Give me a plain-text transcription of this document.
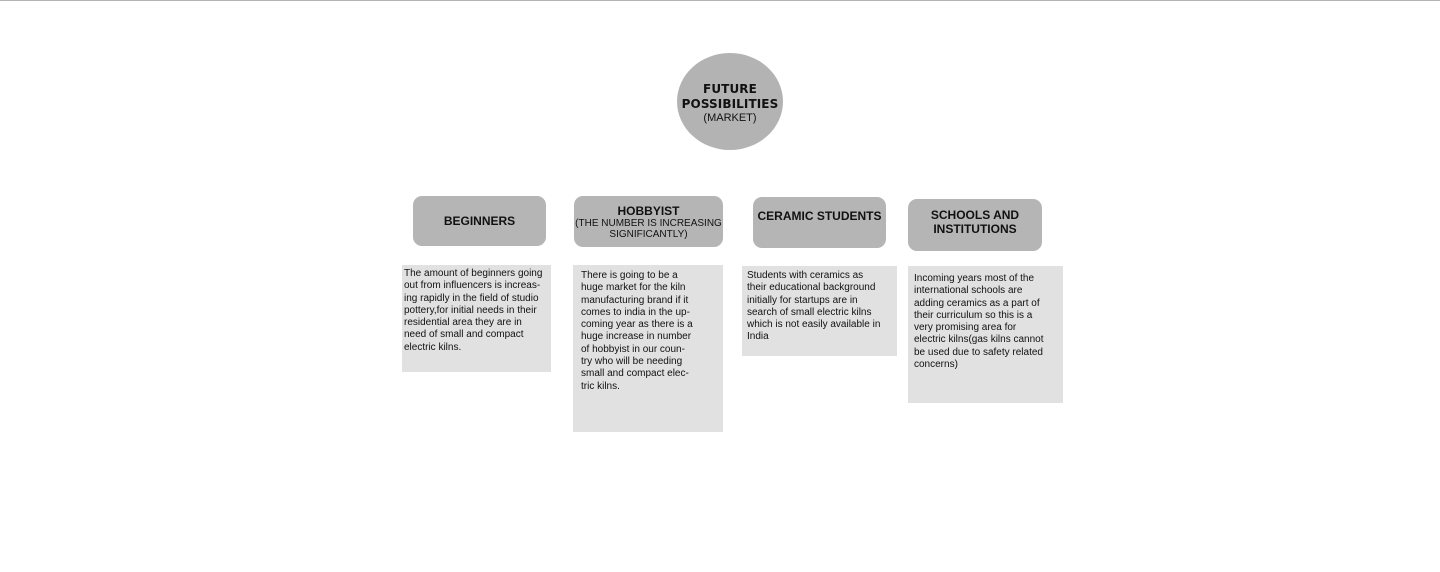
FUTURE
POSSIBILITIES
(MARKET)
BEGINNERS
The amount of beginners going
out from influencers is increas-
ing rapidly in the field of studio
pottery,for initial needs in their
residential area they are in
need of small and compact
electric kilns.
HOBBYIST
(THE NUMBER IS INCREASING
SIGNIFICANTLY)
There is going to be a
huge market for the kiln
manufacturing brand if it
comes to india in the up-
coming year as there is a
huge increase in number
of hobbyist in our coun-
try who will be needing
small and compact elec-
tric kilns.
CERAMIC STUDENTS
Students with ceramics as
their educational background
initially for startups are in
search of small electric kilns
which is not easily available in
India
SCHOOLS AND
INSTITUTIONS
Incoming years most of the
international schools are
adding ceramics as a part of
their curriculum so this is a
very promising area for
electric kilns(gas kilns cannot
be used due to safety related
concerns)
